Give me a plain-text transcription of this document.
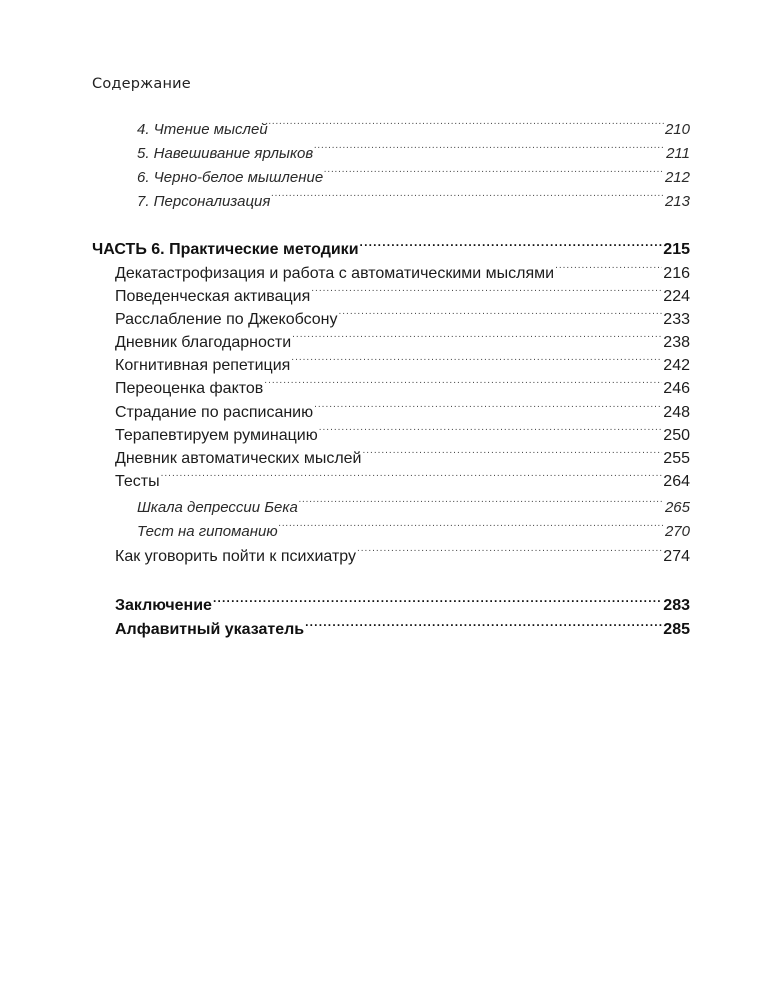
Содержание
4. Чтение мыслей .....	210
5. Навешивание ярлыков .....	211
6. Черно-белое мышление .....	212
7. Персонализация .....	213
ЧАСТЬ 6. Практические методики .....	215
Декатастрофизация и работа с автоматическими мыслями .....	216
Поведенческая активация .....	224
Расслабление по Джекобсону .....	233
Дневник благодарности .....	238
Когнитивная репетиция .....	242
Переоценка фактов .....	246
Страдание по расписанию .....	248
Терапевтируем руминацию .....	250
Дневник автоматических мыслей .....	255
Тесты .....	264
Шкала депрессии Бека .....	265
Тест на гипоманию .....	270
Как уговорить пойти к психиатру .....	274
Заключение .....	283
Алфавитный указатель .....	285
